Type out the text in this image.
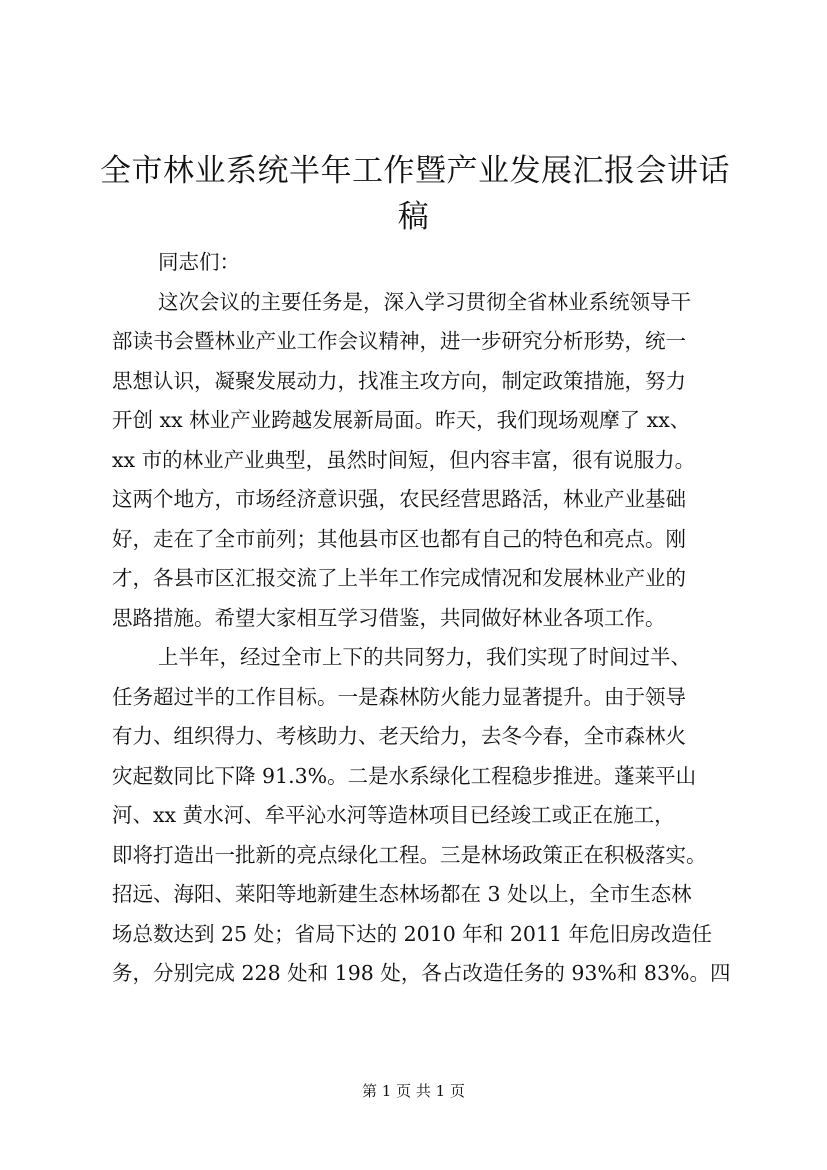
全市林业系统半年工作暨产业发展汇报会讲话
稿
同志们：
这次会议的主要任务是，深入学习贯彻全省林业系统领导干
部读书会暨林业产业工作会议精神，进一步研究分析形势，统一
思想认识，凝聚发展动力，找准主攻方向，制定政策措施，努力
开创 xx 林业产业跨越发展新局面。昨天，我们现场观摩了 xx、
xx 市的林业产业典型，虽然时间短，但内容丰富，很有说服力。
这两个地方，市场经济意识强，农民经营思路活，林业产业基础
好，走在了全市前列；其他县市区也都有自己的特色和亮点。刚
才，各县市区汇报交流了上半年工作完成情况和发展林业产业的
思路措施。希望大家相互学习借鉴，共同做好林业各项工作。
上半年，经过全市上下的共同努力，我们实现了时间过半、
任务超过半的工作目标。一是森林防火能力显著提升。由于领导
有力、组织得力、考核助力、老天给力，去冬今春，全市森林火
灾起数同比下降 91.3%。二是水系绿化工程稳步推进。蓬莱平山
河、xx 黄水河、牟平沁水河等造林项目已经竣工或正在施工，
即将打造出一批新的亮点绿化工程。三是林场政策正在积极落实。
招远、海阳、莱阳等地新建生态林场都在 3 处以上，全市生态林
场总数达到 25 处；省局下达的 2010 年和 2011 年危旧房改造任
务，分别完成 228 处和 198 处，各占改造任务的 93%和 83%。四
第 1 页 共 1 页
